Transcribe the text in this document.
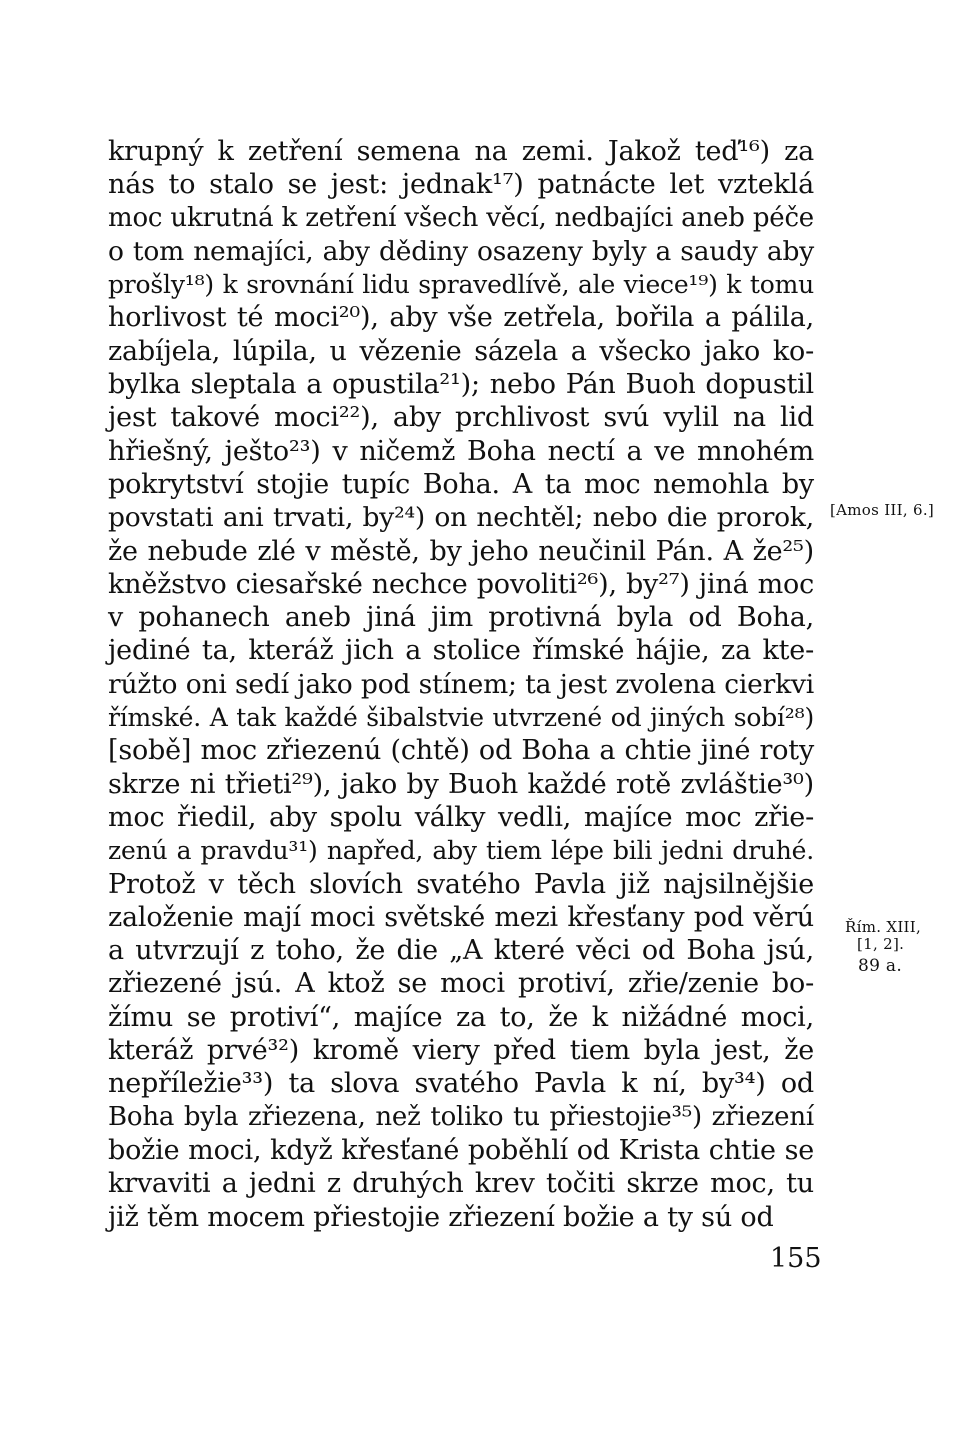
krupný k zetření semena na zemi. Jakož teď¹⁶) za
nás to stalo se jest: jednak¹⁷) patnácte let vzteklá
moc ukrutná k zetření všech věcí, nedbajíci aneb péče
o tom nemajíci, aby dědiny osazeny byly a saudy aby
prošly¹⁸) k srovnání lidu spravedlívě, ale viece¹⁹) k tomu
horlivost té moci²⁰), aby vše zetřela, bořila a pálila,
zabíjela, lúpila, u vězenie sázela a všecko jako ko-
bylka sleptala a opustila²¹); nebo Pán Buoh dopustil
jest takové moci²²), aby prchlivost svú vylil na lid
hřiešný, ješto²³) v ničemž Boha nectí a ve mnohém
pokrytství stojie tupíc Boha. A ta moc nemohla by
povstati ani trvati, by²⁴) on nechtěl; nebo die prorok,
že nebude zlé v městě, by jeho neučinil Pán. A že²⁵)
kněžstvo ciesařské nechce povoliti²⁶), by²⁷) jiná moc
v pohanech aneb jiná jim protivná byla od Boha,
jediné ta, kteráž jich a stolice římské hájie, za kte-
rúžto oni sedí jako pod stínem; ta jest zvolena cierkvi
římské. A tak každé šibalstvie utvrzené od jiných sobí²⁸)
[sobě] moc zřiezenú (chtě) od Boha a chtie jiné roty
skrze ni třieti²⁹), jako by Buoh každé rotě zvláštie³⁰)
moc řiedil, aby spolu války vedli, majíce moc zřie-
zenú a pravdu³¹) napřed, aby tiem lépe bili jedni druhé.
Protož v těch slovích svatého Pavla již najsilnějšie
založenie mají moci světské mezi křesťany pod věrú
a utvrzují z toho, že die „A které věci od Boha jsú,
zřiezené jsú. A ktož se moci protiví, zřie/zenie bo-
žímu se protiví“, majíce za to, že k nižádné moci,
kteráž prvé³²) kromě viery před tiem byla jest, že
nepříležie³³) ta slova svatého Pavla k ní, by³⁴) od
Boha byla zřiezena, než toliko tu přiestojie³⁵) zřiezení
božie moci, když křesťané poběhlí od Krista chtie se
krvaviti a jedni z druhých krev točiti skrze moc, tu
již těm mocem přiestojie zřiezení božie a ty sú od
[Amos III, 6.]
Řím. XIII,
[1, 2].
89 a.
155
